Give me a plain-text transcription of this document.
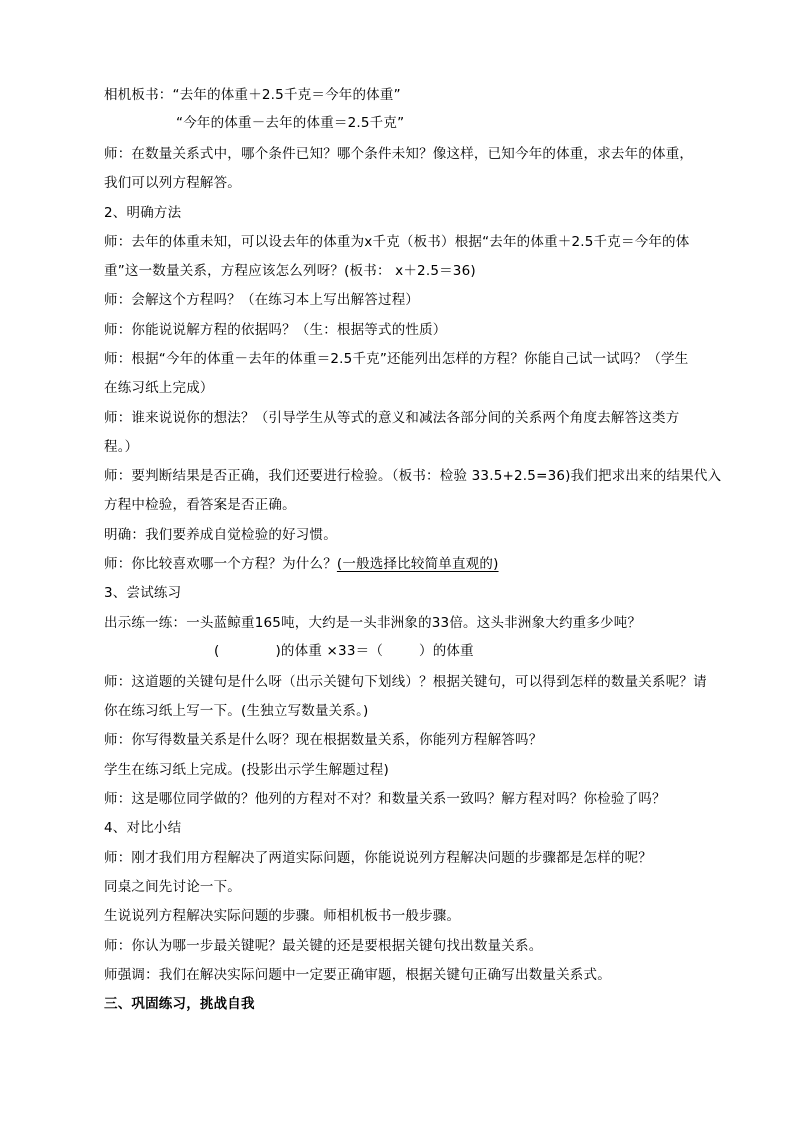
相机板书：“去年的体重＋2.5千克＝今年的体重”
“今年的体重－去年的体重＝2.5千克”
师：在数量关系式中，哪个条件已知？哪个条件未知？像这样，已知今年的体重，求去年的体重，
我们可以列方程解答。
2、明确方法
师：去年的体重未知，可以设去年的体重为x千克（板书）根据“去年的体重＋2.5千克＝今年的体
重”这一数量关系，方程应该怎么列呀？(板书： x＋2.5＝36)
师：会解这个方程吗？（在练习本上写出解答过程）
师：你能说说解方程的依据吗？（生：根据等式的性质）
师：根据“今年的体重－去年的体重＝2.5千克”还能列出怎样的方程？你能自己试一试吗？（学生
在练习纸上完成）
师：谁来说说你的想法？（引导学生从等式的意义和减法各部分间的关系两个角度去解答这类方
程。）
师：要判断结果是否正确，我们还要进行检验。（板书：检验 33.5+2.5=36)我们把求出来的结果代入
方程中检验，看答案是否正确。
明确：我们要养成自觉检验的好习惯。
师：你比较喜欢哪一个方程？为什么？(一般选择比较简单直观的)
3、尝试练习
出示练一练：一头蓝鲸重165吨，大约是一头非洲象的33倍。这头非洲象大约重多少吨？
(	)的体重 ×33＝（	）的体重
师：这道题的关键句是什么呀（出示关键句下划线）？根据关键句，可以得到怎样的数量关系呢？请
你在练习纸上写一下。(生独立写数量关系。)
师：你写得数量关系是什么呀？现在根据数量关系，你能列方程解答吗？
学生在练习纸上完成。(投影出示学生解题过程)
师：这是哪位同学做的？他列的方程对不对？和数量关系一致吗？解方程对吗？你检验了吗？
4、对比小结
师：刚才我们用方程解决了两道实际问题，你能说说列方程解决问题的步骤都是怎样的呢？
同桌之间先讨论一下。
生说说列方程解决实际问题的步骤。师相机板书一般步骤。
师：你认为哪一步最关键呢？最关键的还是要根据关键句找出数量关系。
师强调：我们在解决实际问题中一定要正确审题，根据关键句正确写出数量关系式。
三、巩固练习，挑战自我
